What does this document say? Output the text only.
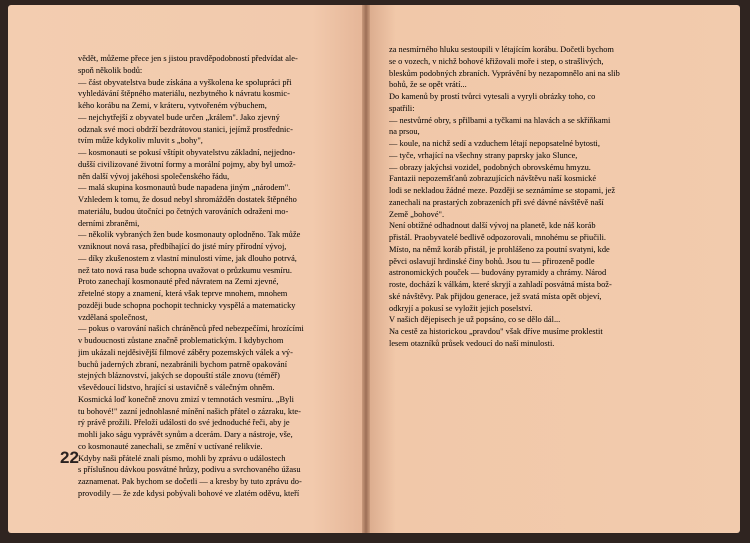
vědět, můžeme přece jen s jistou pravděpodobností předvídat ale-
spoň několik bodů:
— část obyvatelstva bude získána a vyškolena ke spolupráci při
vyhledávání štěpného materiálu, nezbytného k návratu kosmic-
kého korábu na Zemi, v kráteru, vytvořeném výbuchem,
— nejchytřejší z obyvatel bude určen „králem". Jako zjevný
odznak své moci obdrží bezdrátovou stanici, jejímž prostřednic-
tvím může kdykoliv mluvit s „bohy",
— kosmonauti se pokusí vštípit obyvatelstvu základní, nejjedno-
dušší civilizované životní formy a morální pojmy, aby byl umož-
něn další vývoj jakéhosi společenského řádu,
— malá skupina kosmonautů bude napadena jiným „národem".
Vzhledem k tomu, že dosud nebyl shromážděn dostatek štěpného
materiálu, budou útočníci po četných varováních odraženi mo-
derními zbraněmi,
— několik vybraných žen bude kosmonauty oplodněno. Tak může
vzniknout nová rasa, předbíhající do jisté míry přírodní vývoj,
— díky zkušenostem z vlastní minulosti víme, jak dlouho potrvá,
než tato nová rasa bude schopna uvažovat o průzkumu vesmíru.
Proto zanechají kosmonauté před návratem na Zemi zjevné,
zřetelné stopy a znamení, která však teprve mnohem, mnohem
později bude schopna pochopit technicky vyspělá a matematicky
vzdělaná společnost,
— pokus o varování našich chráněnců před nebezpečími, hrozícími
v budoucnosti zůstane značně problematickým. I kdybychom
jim ukázali nejděsivější filmové záběry pozemských válek a vý-
buchů jaderných zbraní, nezabránili bychom patrně opakování
stejných bláznovství, jakých se dopouští stále znovu (téměř)
vševědoucí lidstvo, hrající si ustavičně s válečným ohněm.
Kosmická loď konečně znovu zmizí v temnotách vesmíru. „Byli
tu bohové!" zazní jednohlasné mínění našich přátel o zázraku, kte-
rý právě prožili. Přeloží události do své jednoduché řeči, aby je
mohli jako ságu vyprávět synům a dcerám. Dary a nástroje, vše,
co kosmonauté zanechali, se změní v uctívané relikvie.
Kdyby naši přátelé znali písmo, mohli by zprávu o událostech
s příslušnou dávkou posvátné hrůzy, podivu a svrchovaného úžasu
zaznamenat. Pak bychom se dočetli — a kresby by tuto zprávu do-
provodily — že zde kdysi pobývali bohové ve zlatém oděvu, kteří
za nesmírného hluku sestoupili v létajícím korábu. Dočetli bychom
se o vozech, v nichž bohové křižovali moře i step, o strašlivých,
bleskům podobných zbraních. Vyprávění by nezapomnělo ani na slib
bohů, že se opět vrátí...
Do kamenů by prostí tvůrci vytesali a vyryli obrázky toho, co
spatřili:
— nestvůrné obry, s přilbami a tyčkami na hlavách a se skříňkami
na prsou,
— koule, na nichž sedí a vzduchem létají nepopsatelné bytosti,
— tyče, vrhající na všechny strany paprsky jako Slunce,
— obrazy jakýchsi vozidel, podobných obrovskému hmyzu.
Fantazii nepozemšťanů zobrazujících návštěvu naší kosmické
lodi se nekladou žádné meze. Později se seznámíme se stopami, jež
zanechali na prastarých zobrazeních při své dávné návštěvě naší
Země „bohové".
Není obtížné odhadnout další vývoj na planetě, kde náš koráb
přistál. Praobyvatelé bedlivě odpozorovali, mnohému se přiučili.
Místo, na němž koráb přistál, je prohlášeno za poutní svatyni, kde
pěvci oslavují hrdinské činy bohů. Jsou tu — přirozeně podle
astronomických pouček — budovány pyramidy a chrámy. Národ
roste, dochází k válkám, které skryjí a zahladí posvátná místa bož-
ské návštěvy. Pak přijdou generace, jež svatá místa opět objeví,
odkryjí a pokusí se vyložit jejich poselství.
V našich dějepisech je už popsáno, co se dělo dál...
Na cestě za historickou „pravdou" však dříve musíme proklestit
lesem otazníků průsek vedoucí do naší minulosti.
22
